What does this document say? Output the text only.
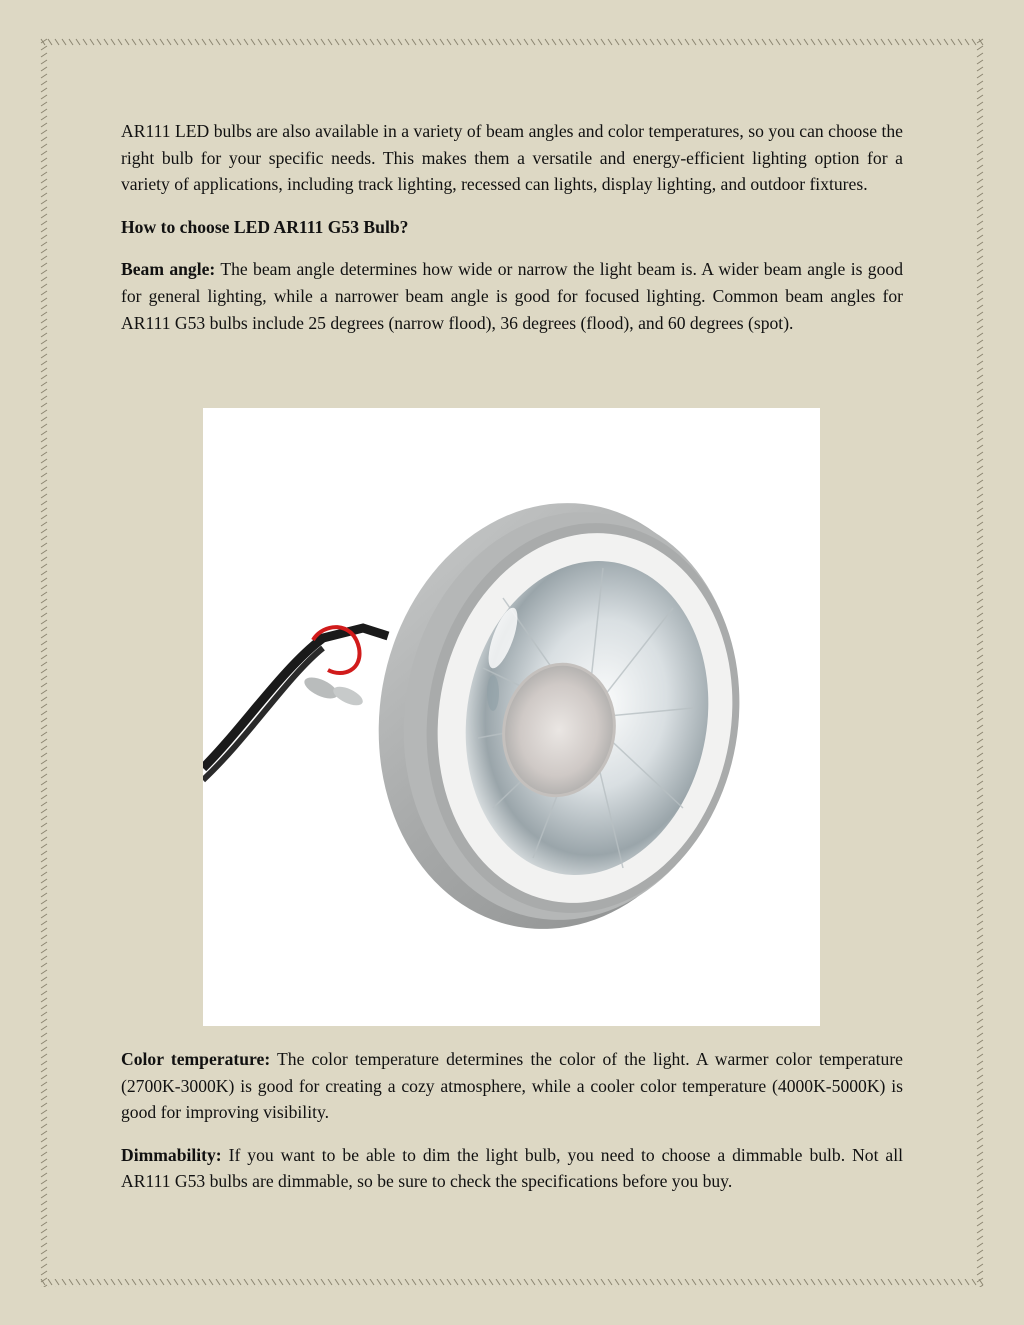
AR111 LED bulbs are also available in a variety of beam angles and color temperatures, so you can choose the right bulb for your specific needs. This makes them a versatile and energy-efficient lighting option for a variety of applications, including track lighting, recessed can lights, display lighting, and outdoor fixtures.

How to choose LED AR111 G53 Bulb?

Beam angle: The beam angle determines how wide or narrow the light beam is. A wider beam angle is good for general lighting, while a narrower beam angle is good for focused lighting. Common beam angles for AR111 G53 bulbs include 25 degrees (narrow flood), 36 degrees (flood), and 60 degrees (spot).

Color temperature: The color temperature determines the color of the light. A warmer color temperature (2700K-3000K) is good for creating a cozy atmosphere, while a cooler color temperature (4000K-5000K) is good for improving visibility.

Dimmability: If you want to be able to dim the light bulb, you need to choose a dimmable bulb. Not all AR111 G53 bulbs are dimmable, so be sure to check the specifications before you buy.
